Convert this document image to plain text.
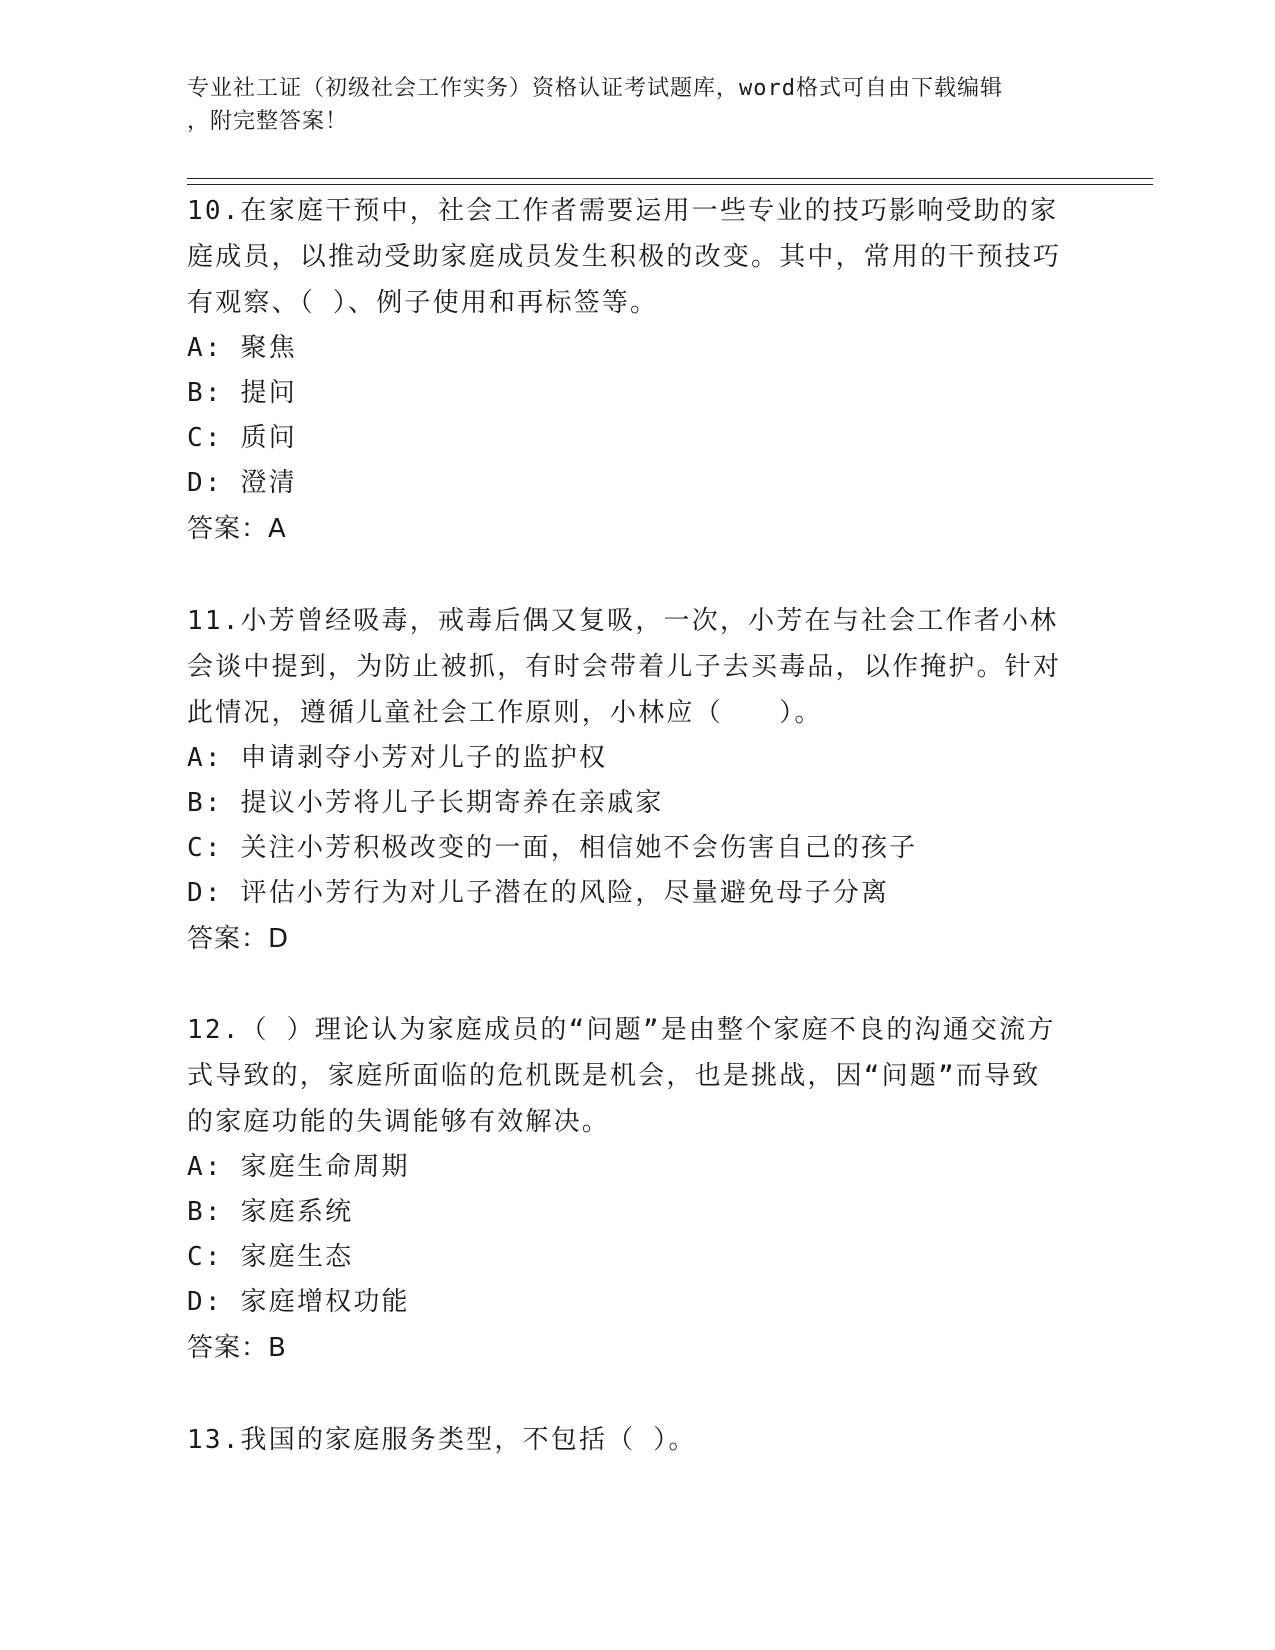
专业社工证（初级社会工作实务）资格认证考试题库，word格式可自由下载编辑
，附完整答案！

10.在家庭干预中，社会工作者需要运用一些专业的技巧影响受助的家庭成员，以推动受助家庭成员发生积极的改变。其中，常用的干预技巧有观察、（ ）、例子使用和再标签等。

A: 聚焦

B: 提问

C: 质问

D: 澄清

答案：A

11.小芳曾经吸毒，戒毒后偶又复吸，一次，小芳在与社会工作者小林会谈中提到，为防止被抓，有时会带着儿子去买毒品，以作掩护。针对此情况，遵循儿童社会工作原则，小林应（　　）。

A: 申请剥夺小芳对儿子的监护权

B: 提议小芳将儿子长期寄养在亲戚家

C: 关注小芳积极改变的一面，相信她不会伤害自己的孩子

D: 评估小芳行为对儿子潜在的风险，尽量避免母子分离

答案：D

12.（ ）理论认为家庭成员的“问题”是由整个家庭不良的沟通交流方式导致的，家庭所面临的危机既是机会，也是挑战，因“问题”而导致的家庭功能的失调能够有效解决。

A: 家庭生命周期

B: 家庭系统

C: 家庭生态

D: 家庭增权功能

答案：B

13.我国的家庭服务类型，不包括（ ）。
